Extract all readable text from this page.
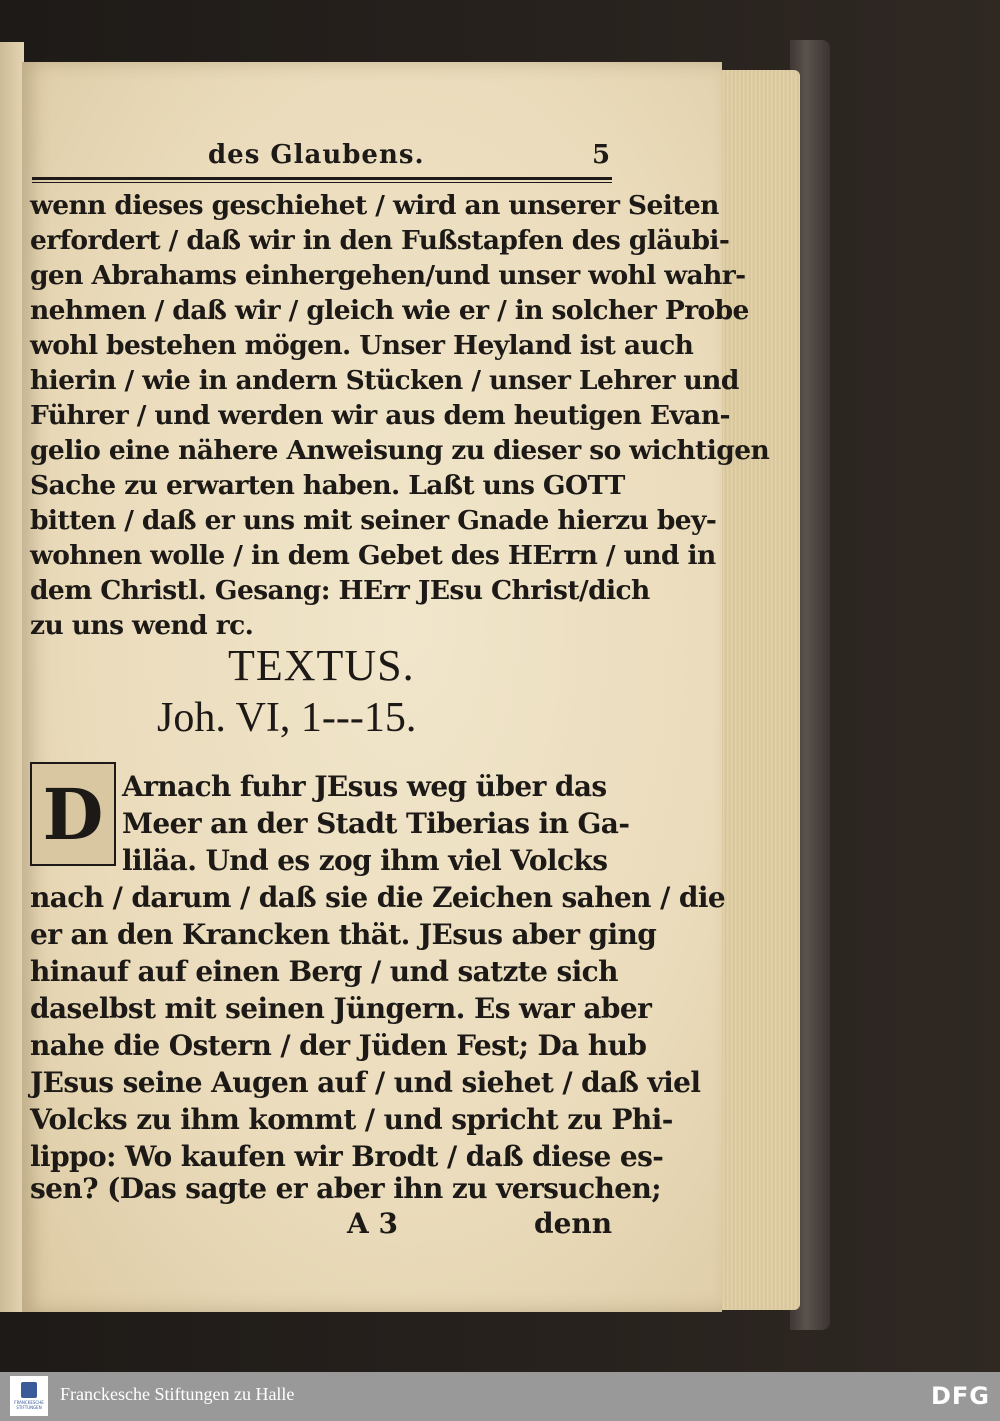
des Glaubens.	5
wenn dieses geschiehet / wird an unserer Seiten
erfordert / daß wir in den Fußstapfen des gläubi-
gen Abrahams einhergehen/und unser wohl wahr-
nehmen / daß wir / gleich wie er / in solcher Probe
wohl bestehen mögen. Unser Heyland ist auch
hierin / wie in andern Stücken / unser Lehrer und
Führer / und werden wir aus dem heutigen Evan-
gelio eine nähere Anweisung zu dieser so wichtigen
Sache zu erwarten haben. Laßt uns GOTT
bitten / daß er uns mit seiner Gnade hierzu bey-
wohnen wolle / in dem Gebet des HErrn / und in
dem Christl. Gesang: HErr JEsu Christ/dich
zu uns wend rc.
TEXTUS.
Joh. VI, 1---15.
D Arnach fuhr JEsus weg über das
Meer an der Stadt Tiberias in Ga-
liläa. Und es zog ihm viel Volcks
nach / darum / daß sie die Zeichen sahen / die
er an den Krancken thät. JEsus aber ging
hinauf auf einen Berg / und satzte sich
daselbst mit seinen Jüngern. Es war aber
nahe die Ostern / der Jüden Fest; Da hub
JEsus seine Augen auf / und siehet / daß viel
Volcks zu ihm kommt / und spricht zu Phi-
lippo: Wo kaufen wir Brodt / daß diese es-
sen? (Das sagte er aber ihn zu versuchen;
A 3	denn
FRANCKESCHE STIFTUNGEN
Franckesche Stiftungen zu Halle	DFG
